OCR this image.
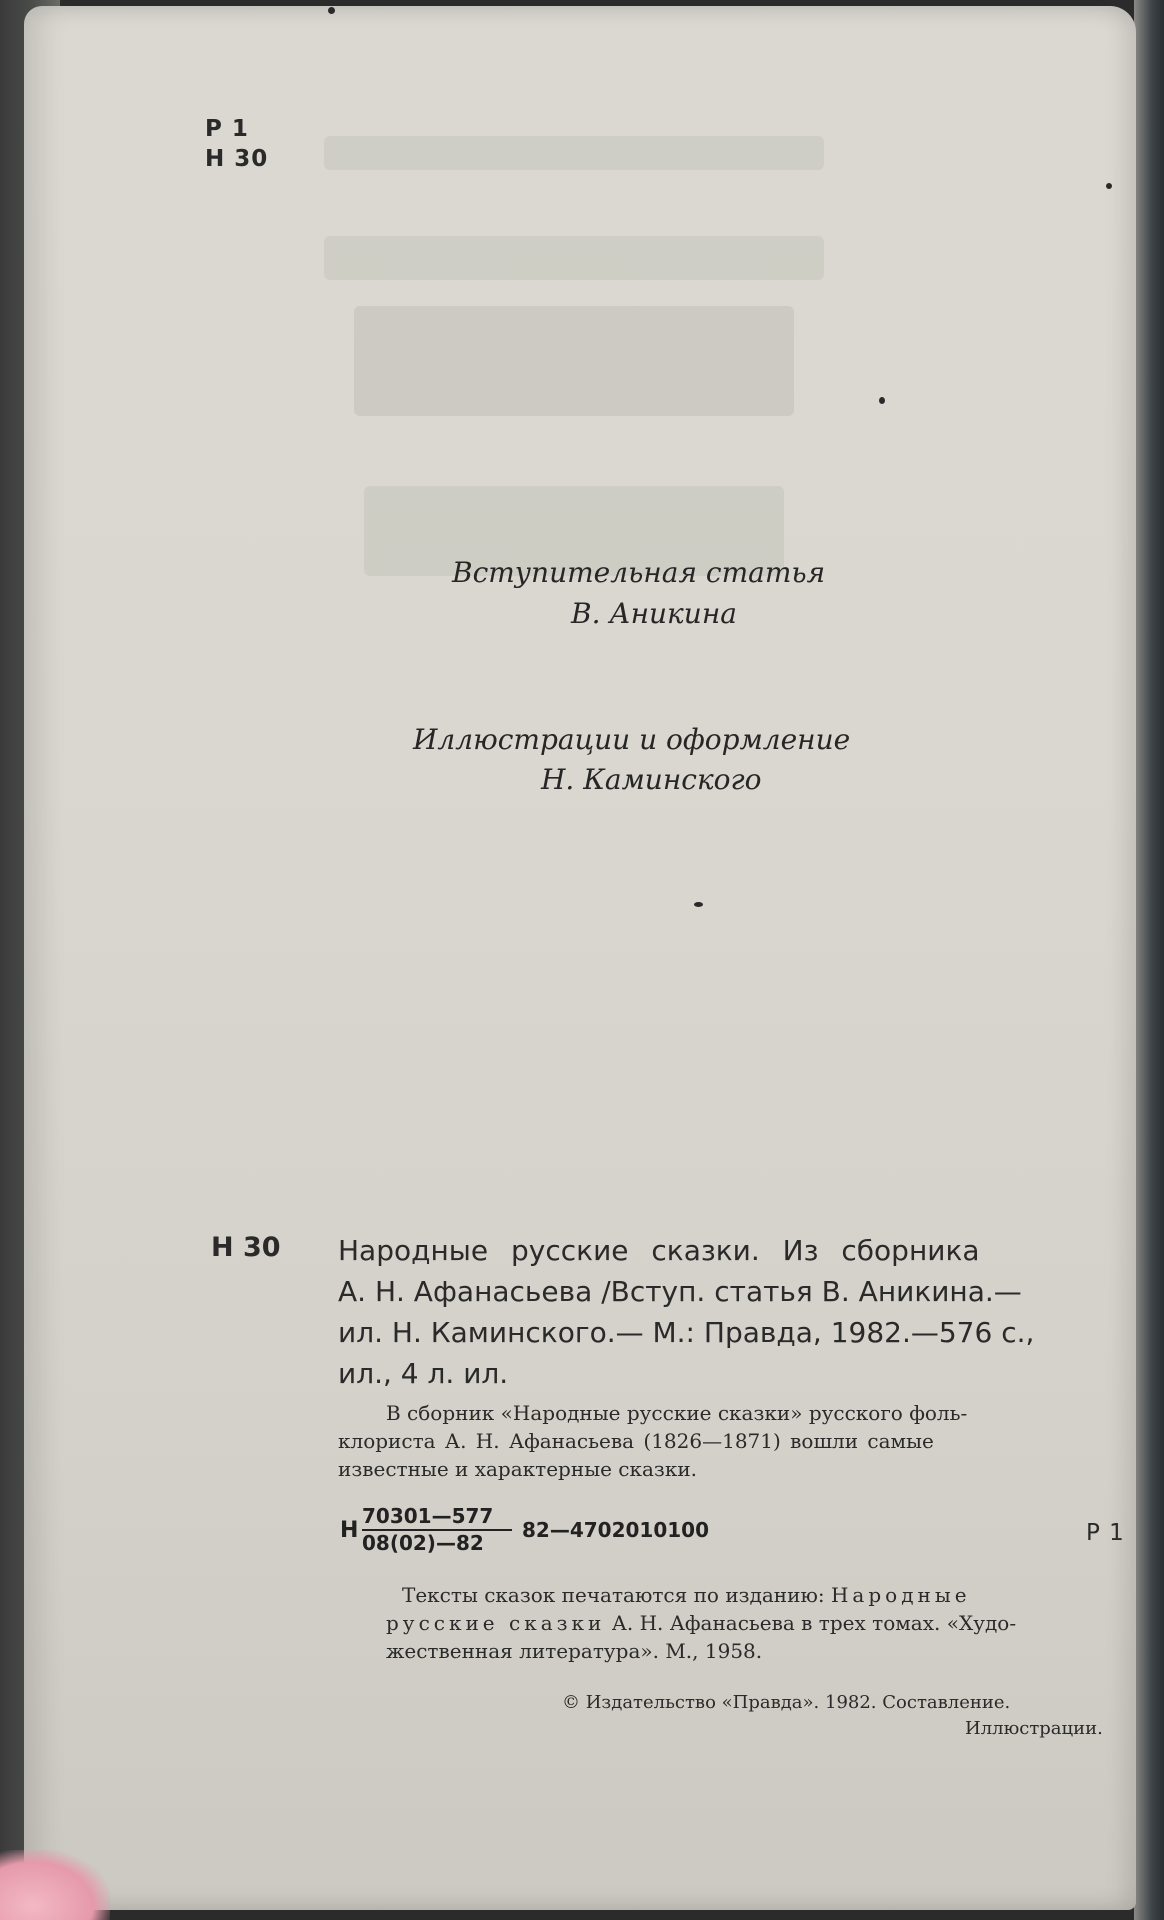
Р 1
Н 30
Вступительная статья
В. Аникина
Иллюстрации и оформление
Н. Каминского
Н 30 Народные русские сказки. Из сборника
А. Н. Афанасьева /Вступ. статья В. Аникина.—
ил. Н. Каминского.— М.: Правда, 1982.—576 с.,
ил., 4 л. ил.
В сборник «Народные русские сказки» русского фоль-
клориста А. Н. Афанасьева (1826—1871) вошли самые
известные и характерные сказки.
Н
70301—577
08(02)—82
82—4702010100	Р 1
Тексты сказок печатаются по изданию: Народные
русские сказки А. Н. Афанасьева в трех томах. «Худо-
жественная литература». М., 1958.
© Издательство «Правда». 1982. Составление.
Иллюстрации.
